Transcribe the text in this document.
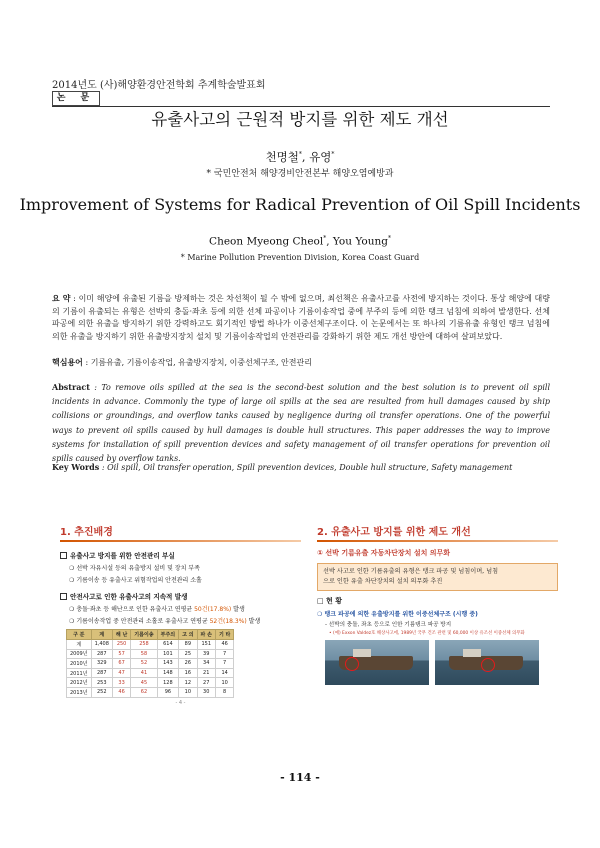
2014년도 (사)해양환경안전학회 추계학술발표회
논 문
유출사고의 근원적 방지를 위한 제도 개선
천명철*, 유영*
* 국민안전처 해양경비안전본부 해양오염예방과
Improvement of Systems for Radical Prevention of Oil Spill Incidents
Cheon Myeong Cheol*, You Young*
* Marine Pollution Prevention Division, Korea Coast Guard
요 약 : 이미 해양에 유출된 기름을 방제하는 것은 차선책이 될 수 밖에 없으며, 최선책은 유출사고를 사전에 방지하는 것이다. 통상 해양에 대량의 기름이 유출되는 유형은 선박의 충돌·좌초 등에 의한 선체 파공이나 기름이송작업 중에 부주의 등에 의한 탱크 넘침에 의하여 발생한다. 선체 파공에 의한 유출을 방지하기 위한 강력하고도 회기적인 방법 하나가 이중선체구조이다. 이 논문에서는 또 하나의 기름유출 유형인 탱크 넘침에 의한 유출을 방지하기 위한 유출방지장치 설치 및 기름이송작업의 안전관리를 강화하기 위한 제도 개선 방안에 대하여 살펴보았다.
핵심용어 : 기름유출, 기름이송작업, 유출방지장치, 이중선체구조, 안전관리
Abstract : To remove oils spilled at the sea is the second-best solution and the best solution is to prevent oil spill incidents in advance. Commonly the type of large oil spills at the sea are resulted from hull damages caused by ship collisions or groundings, and overflow tanks caused by negligence during oil transfer operations. One of the powerful ways to prevent oil spills caused by hull damages is double hull structures. This paper addresses the way to improve systems for installation of spill prevention devices and safety management of oil transfer operations for prevention oil spills caused by overflow tanks.
Key Words : Oil spill, Oil transfer operation, Spill prevention devices, Double hull structure, Safety management
1. 추진배경
유출사고 방지를 위한 안전관리 부실
❍ 선박 자유시설 등의 유출방지 설비 및 장치 부족
❍ 기름이송 등 유출사고 위험작업의 안전관리 소홀
안전사고로 인한 유출사고의 지속적 발생
❍ 충돌·좌초 등 해난으로 인한 유출사고 연평균 50건(17.8%) 발생
❍ 기름이송작업 중 안전관리 소홀로 유출사고 연평균 52건(18.3%) 발생
구 분	계	해 난	기름이송	부주의	고 의	파 손	기 타
계	1,408	250	258	614	89	151	46
2009년	287	57	58	101	25	39	7
2010년	329	67	52	143	26	34	7
2011년	287	47	41	148	16	21	14
2012년	253	33	45	128	12	27	10
2013년	252	46	62	96	10	30	8
- 4 -
2. 유출사고 방지를 위한 제도 개선
① 선박 기름유출 자동차단장치 설치 의무화
선박 사고로 인한 기름유출의 유형은 탱크 파공 및 넘침이며, 넘침
으로 인한 유출 차단장치의 설치 의무화 추진
□ 현 황
❍ 탱크 파공에 의한 유출방지를 위한 이중선체구조 (시행 중)
- 선박의 충돌, 좌초 등으로 인한 기름탱크 파공 방지
• (예) Exxon Valdez호 해상사고에, 1989년 국무 건조 관련 및 60,000 이상 유조선 이중선체 의무화
- 114 -
